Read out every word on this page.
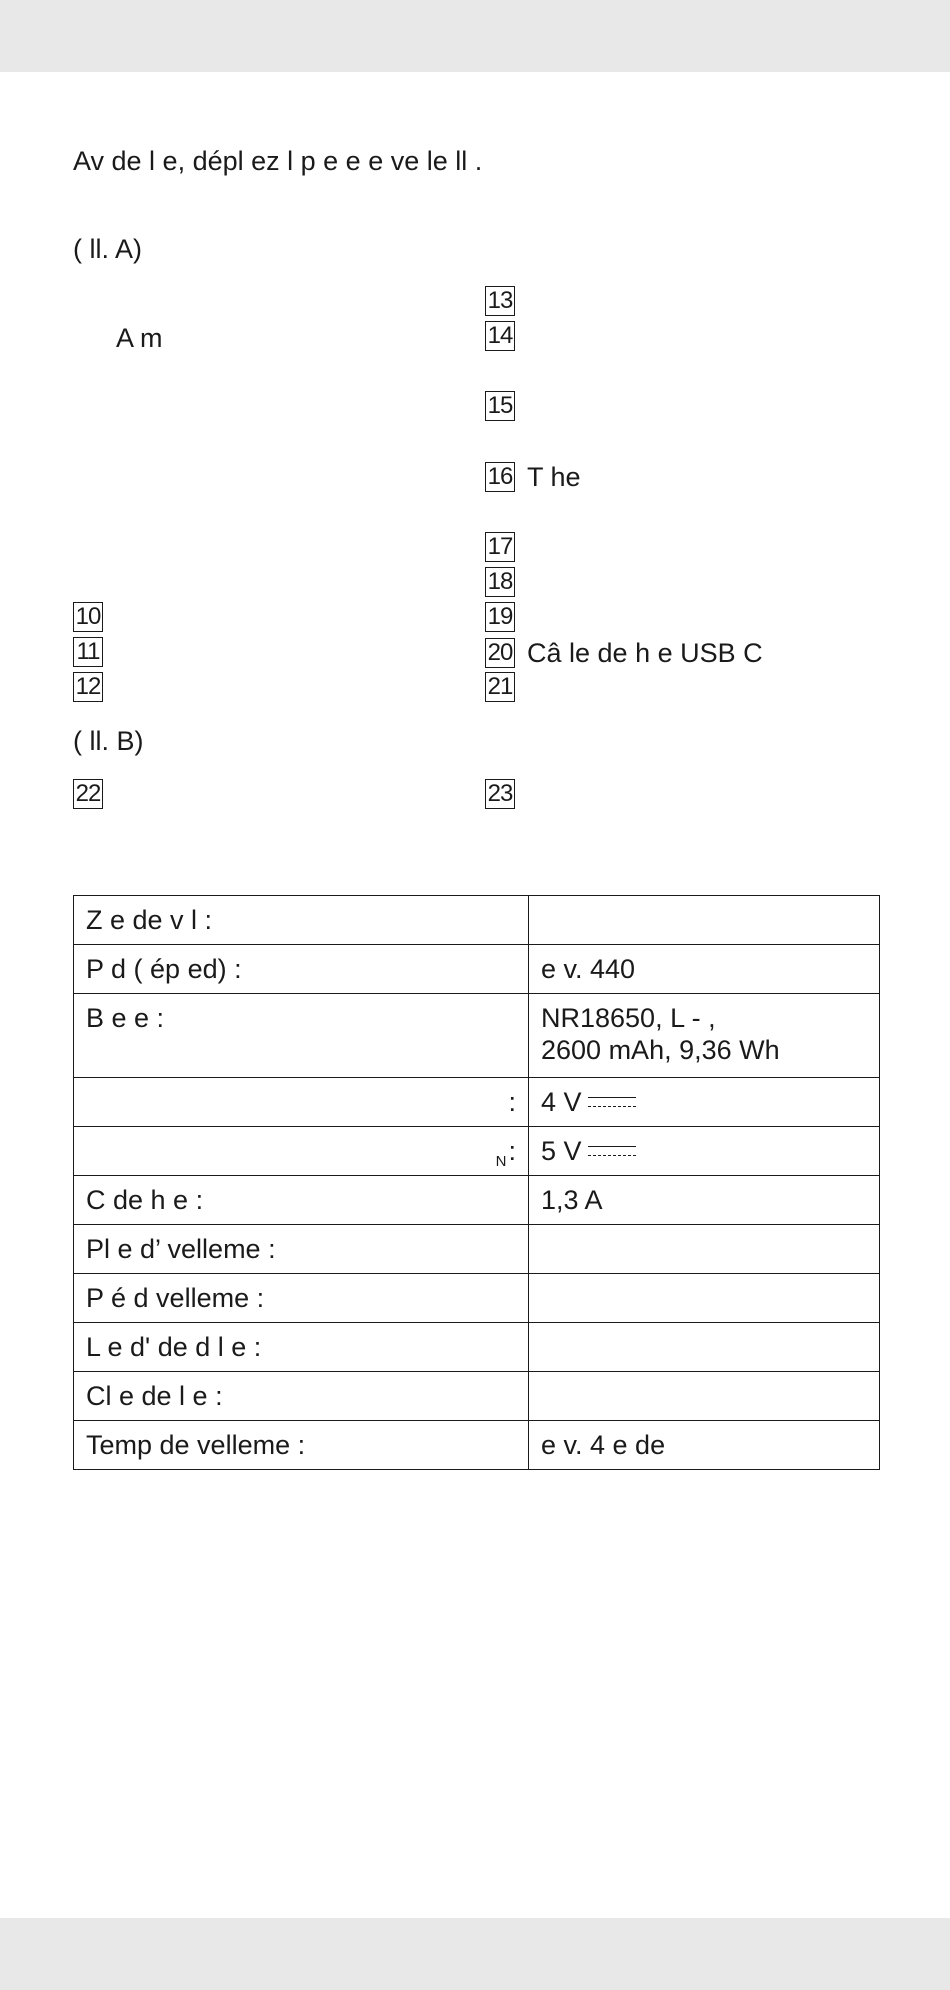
Av de l e, dépl ez l p e e e ve le ll .
( ll. A)
A m
10
11
12
13
14
15
16 T he
17
18
19
20 Câ le de h e USB C
21
( ll. B)
22	23
Z e de v l :	

P d ( ép ed) :	e v. 440

B e e :	NR18650, L - ,
2600 mAh, 9,36 Wh

:	4 V

$_N$:	5 V

C de h e :	1,3 A

Pl e d’ velleme :	

P é d velleme :	

L e d' de d l e :	

Cl e de l e :	

Temp de velleme :	e v. 4 e de
